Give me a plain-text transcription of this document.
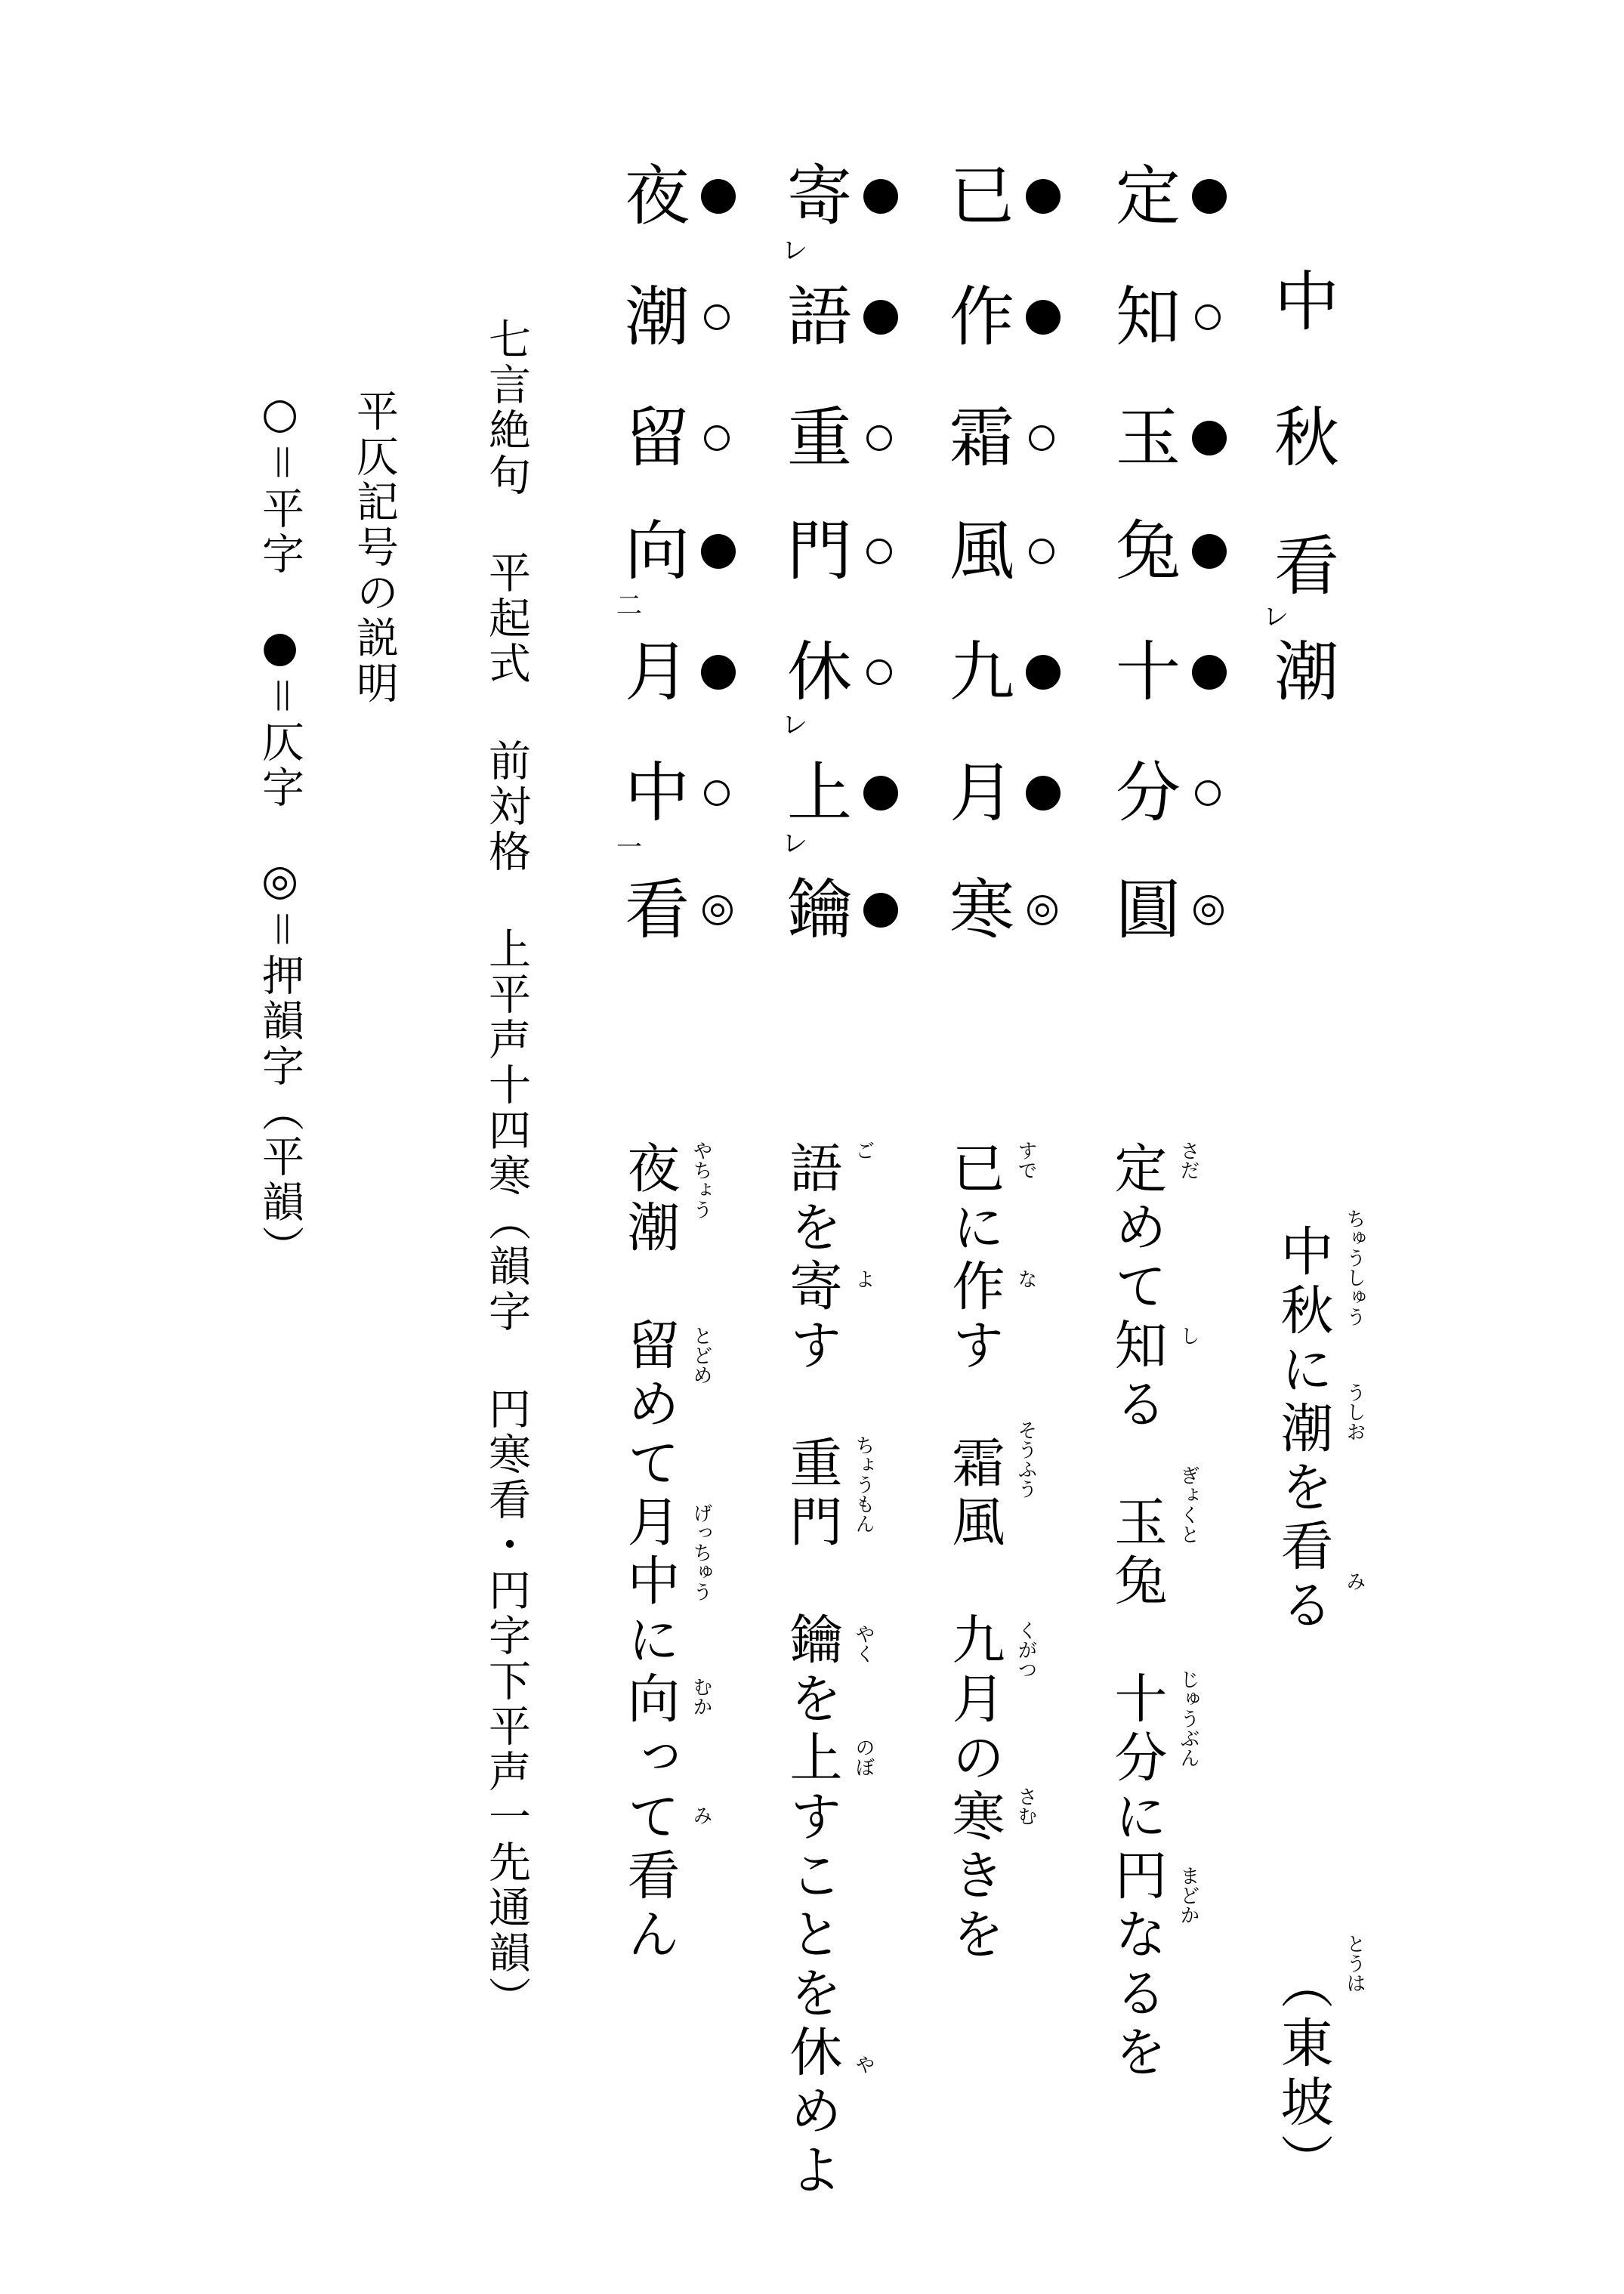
中
秋
看
レ
潮
定
知
玉
兔
十
分
圓
已
作
霜
風
九
月
寒
寄
レ
語
重
門
休
レ
上
レ
鑰
夜
潮
留
向
二
月
中
一
看
七言絶句 平起式 前対格 上平声十四寒（韻字 円寒看・円字下平声一先通韻）
平仄記号の説明
○＝平字　●＝仄字　◎＝押韻字（平韻）
中秋に潮を看る
（東坡）
定めて知る　玉兔　十分に円なるを
已に作す　霜風　九月の寒きを
語を寄す　重門　鑰を上すことを休めよ
夜潮　留めて月中に向って看ん	ちゅうしゅう
うしお
み
とうは
さだ
し
ぎょくと
じゅうぶん
まどか
すで
な
そうふう
くがつ
さむ
ご
よ
ちょうもん
やく
のぼ
や
やちょう
とどめ
げっちゅう
むか
み
